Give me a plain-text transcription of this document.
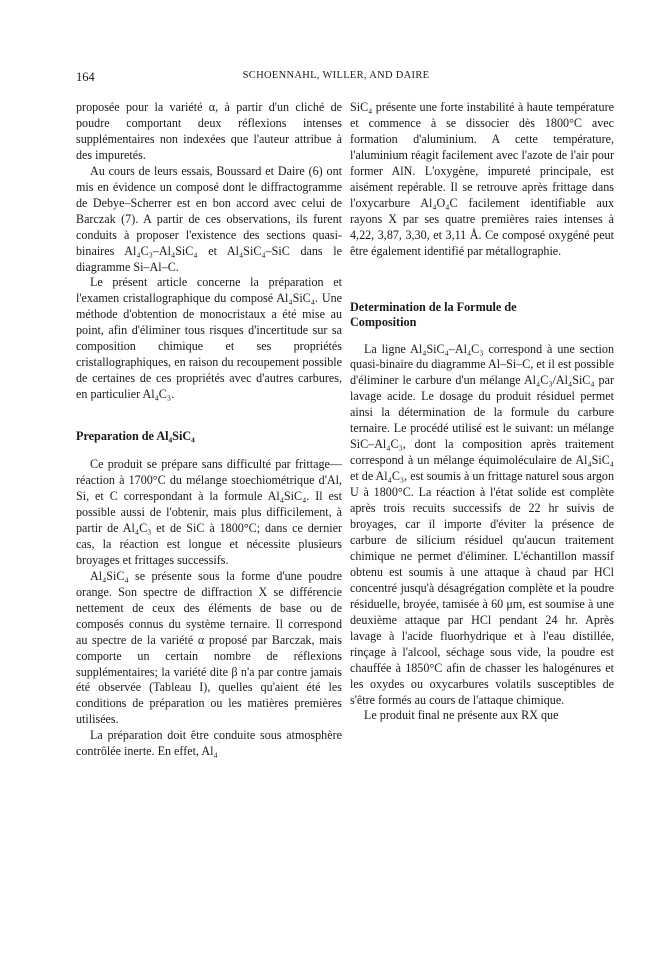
164	SCHOENNAHL, WILLER, AND DAIRE

proposée pour la variété α, à partir d'un cliché de poudre comportant deux réflexions intenses supplémentaires non indexées que l'auteur attribue à des impuretés.

Au cours de leurs essais, Boussard et Daire (6) ont mis en évidence un composé dont le diffractogramme de Debye–Scherrer est en bon accord avec celui de Barczak (7). A partir de ces observations, ils furent conduits à proposer l'existence des sections quasi-binaires Al₄C₃–Al₄SiC₄ et Al₄SiC₄–SiC dans le diagramme Si–Al–C.

Le présent article concerne la préparation et l'examen cristallographique du composé Al₄SiC₄. Une méthode d'obtention de monocristaux a été mise au point, afin d'éliminer tous risques d'incertitude sur sa composition chimique et ses propriétés cristallographiques, en raison du recoupement possible de certaines de ces propriétés avec d'autres carbures, en particulier Al₄C₃.

Preparation de Al₄SiC₄

Ce produit se prépare sans difficulté par frittage—réaction à 1700°C du mélange stoechiométrique d'Al, Si, et C correspondant à la formule Al₄SiC₄. Il est possible aussi de l'obtenir, mais plus difficilement, à partir de Al₄C₃ et de SiC à 1800°C; dans ce dernier cas, la réaction est longue et nécessite plusieurs broyages et frittages successifs.

Al₄SiC₄ se présente sous la forme d'une poudre orange. Son spectre de diffraction X se différencie nettement de ceux des éléments de base ou de composés connus du système ternaire. Il correspond au spectre de la variété α proposé par Barczak, mais comporte un certain nombre de réflexions supplémentaires; la variété dite β n'a par contre jamais été observée (Tableau I), quelles qu'aient été les conditions de préparation ou les matières premières utilisées.

La préparation doit être conduite sous atmosphère contrôlée inerte. En effet, Al₄

SiC₄ présente une forte instabilité à haute température et commence à se dissocier dès 1800°C avec formation d'aluminium. A cette température, l'aluminium réagit facilement avec l'azote de l'air pour former AlN. L'oxygène, impureté principale, est aisément repérable. Il se retrouve après frittage dans l'oxycarbure Al₄O₄C facilement identifiable aux rayons X par ses quatre premières raies intenses à 4,22, 3,87, 3,30, et 3,11 Å. Ce composé oxygéné peut être également identifié par métallographie.

Determination de la Formule de

Composition

La ligne Al₄SiC₄–Al₄C₃ correspond à une section quasi-binaire du diagramme Al–Si–C, et il est possible d'éliminer le carbure d'un mélange Al₄C₃/Al₄SiC₄ par lavage acide. Le dosage du produit résiduel permet ainsi la détermination de la formule du carbure ternaire. Le procédé utilisé est le suivant: un mélange SiC–Al₄C₃, dont la composition après traitement correspond à un mélange équimoléculaire de Al₄SiC₄ et de Al₄C₃, est soumis à un frittage naturel sous argon U à 1800°C. La réaction à l'état solide est complète après trois recuits successifs de 22 hr suivis de broyages, car il importe d'éviter la présence de carbure de silicium résiduel qu'aucun traitement chimique ne permet d'éliminer. L'échantillon massif obtenu est soumis à une attaque à chaud par HCl concentré jusqu'à désagrégation complète et la poudre résiduelle, broyée, tamisée à 60 μm, est soumise à une deuxième attaque par HCl pendant 24 hr. Après lavage à l'acide fluorhydrique et à l'eau distillée, rinçage à l'alcool, séchage sous vide, la poudre est chauffée à 1850°C afin de chasser les halogénures et les oxydes ou oxycarbures volatils susceptibles de s'être formés au cours de l'attaque chimique.

Le produit final ne présente aux RX que
